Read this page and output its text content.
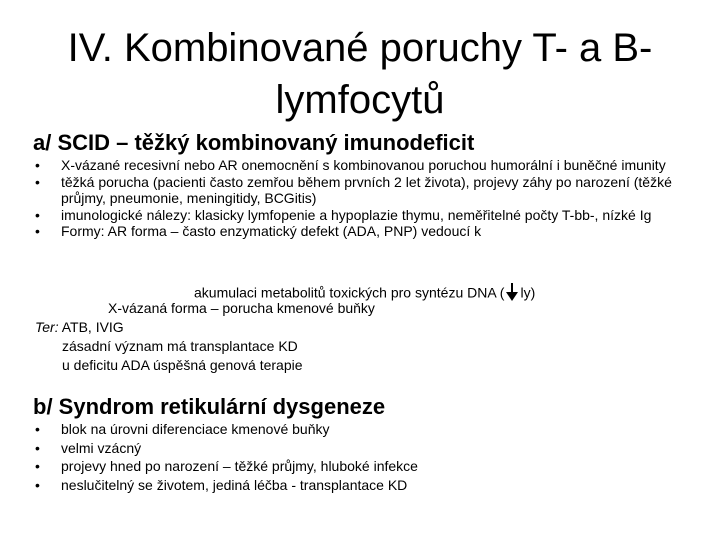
IV. Kombinované poruchy T- a B-
lymfocytů
a/ SCID – těžký kombinovaný imunodeficit
• X-vázané recesivní nebo AR onemocnění s kombinovanou poruchou humorální i buněčné imunity
• těžká porucha (pacienti často zemřou během prvních 2 let života), projevy záhy po narození (těžké průjmy, pneumonie, meningitidy, BCGitis)
• imunologické nálezy: klasicky lymfopenie a hypoplazie thymu, neměřitelné počty T-bb-, nízké Ig
• Formy: AR forma – často enzymatický defekt (ADA, PNP) vedoucí k
akumulaci metabolitů toxických pro syntézu DNA ( ly)
X-vázaná forma – porucha kmenové buňky
Ter: ATB, IVIG
zásadní význam má transplantace KD
u deficitu ADA úspěšná genová terapie
b/ Syndrom retikulární dysgeneze
• blok na úrovni diferenciace kmenové buňky
• velmi vzácný
• projevy hned po narození – těžké průjmy, hluboké infekce
• neslučitelný se životem, jediná léčba - transplantace KD
